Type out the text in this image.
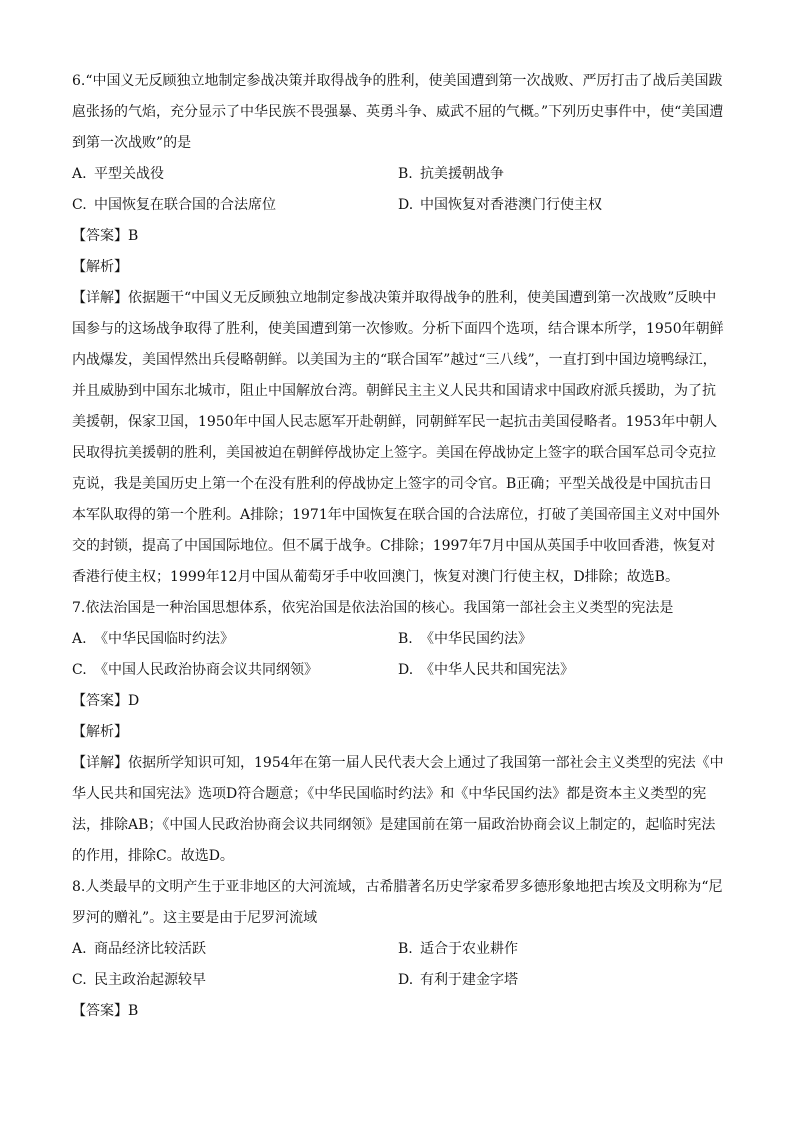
6.“中国义无反顾独立地制定参战决策并取得战争的胜利，使美国遭到第一次战败、严厉打击了战后美国跋扈张扬的气焰，充分显示了中华民族不畏强暴、英勇斗争、威武不屈的气概。”下列历史事件中，使“美国遭到第一次战败”的是
A. 平型关战役	B. 抗美援朝战争
C. 中国恢复在联合国的合法席位	D. 中国恢复对香港澳门行使主权
【答案】B
【解析】
【详解】依据题干“中国义无反顾独立地制定参战决策并取得战争的胜利，使美国遭到第一次战败”反映中国参与的这场战争取得了胜利，使美国遭到第一次惨败。分析下面四个选项，结合课本所学，1950年朝鲜内战爆发，美国悍然出兵侵略朝鲜。以美国为主的“联合国军”越过“三八线”，一直打到中国边境鸭绿江，并且威胁到中国东北城市，阻止中国解放台湾。朝鲜民主主义人民共和国请求中国政府派兵援助，为了抗美援朝，保家卫国，1950年中国人民志愿军开赴朝鲜，同朝鲜军民一起抗击美国侵略者。1953年中朝人民取得抗美援朝的胜利，美国被迫在朝鲜停战协定上签字。美国在停战协定上签字的联合国军总司令克拉克说，我是美国历史上第一个在没有胜利的停战协定上签字的司令官。B正确；平型关战役是中国抗击日本军队取得的第一个胜利。A排除；1971年中国恢复在联合国的合法席位，打破了美国帝国主义对中国外交的封锁，提高了中国国际地位。但不属于战争。C排除；1997年7月中国从英国手中收回香港，恢复对香港行使主权；1999年12月中国从葡萄牙手中收回澳门，恢复对澳门行使主权，D排除；故选B。
7.依法治国是一种治国思想体系，依宪治国是依法治国的核心。我国第一部社会主义类型的宪法是
A. 《中华民国临时约法》	B. 《中华民国约法》
C. 《中国人民政治协商会议共同纲领》	D. 《中华人民共和国宪法》
【答案】D
【解析】
【详解】依据所学知识可知，1954年在第一届人民代表大会上通过了我国第一部社会主义类型的宪法《中华人民共和国宪法》选项D符合题意；《中华民国临时约法》和《中华民国约法》都是资本主义类型的宪法，排除AB；《中国人民政治协商会议共同纲领》是建国前在第一届政治协商会议上制定的，起临时宪法的作用，排除C。故选D。
8.人类最早的文明产生于亚非地区的大河流域，古希腊著名历史学家希罗多德形象地把古埃及文明称为“尼罗河的赠礼”。这主要是由于尼罗河流域
A. 商品经济比较活跃	B. 适合于农业耕作
C. 民主政治起源较早	D. 有利于建金字塔
【答案】B
